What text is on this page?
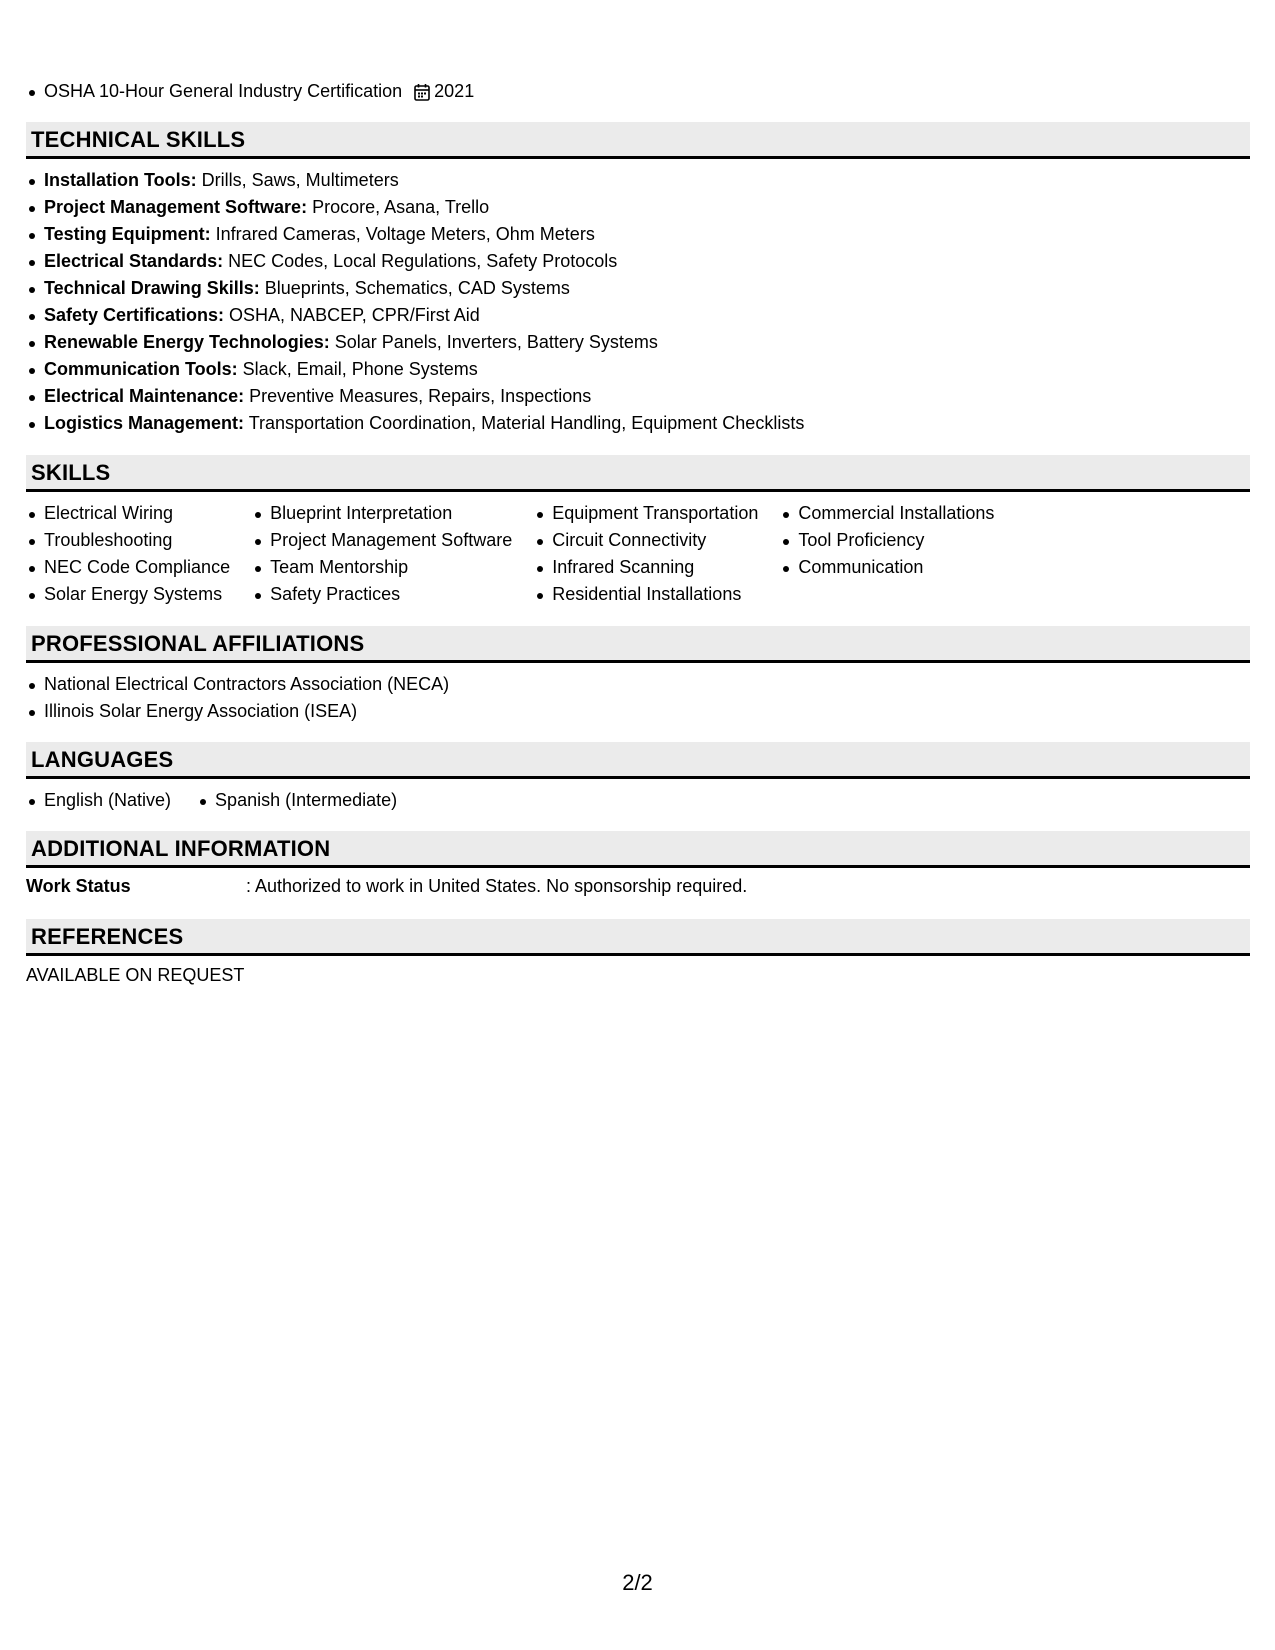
OSHA 10-Hour General Industry Certification 2021
TECHNICAL SKILLS
Installation Tools: Drills, Saws, Multimeters
Project Management Software: Procore, Asana, Trello
Testing Equipment: Infrared Cameras, Voltage Meters, Ohm Meters
Electrical Standards: NEC Codes, Local Regulations, Safety Protocols
Technical Drawing Skills: Blueprints, Schematics, CAD Systems
Safety Certifications: OSHA, NABCEP, CPR/First Aid
Renewable Energy Technologies: Solar Panels, Inverters, Battery Systems
Communication Tools: Slack, Email, Phone Systems
Electrical Maintenance: Preventive Measures, Repairs, Inspections
Logistics Management: Transportation Coordination, Material Handling, Equipment Checklists
SKILLS
Electrical Wiring
Troubleshooting
NEC Code Compliance
Solar Energy Systems
Blueprint Interpretation
Project Management Software
Team Mentorship
Safety Practices
Equipment Transportation
Circuit Connectivity
Infrared Scanning
Residential Installations
Commercial Installations
Tool Proficiency
Communication
PROFESSIONAL AFFILIATIONS
National Electrical Contractors Association (NECA)
Illinois Solar Energy Association (ISEA)
LANGUAGES
English (Native)	Spanish (Intermediate)
ADDITIONAL INFORMATION
Work Status	: Authorized to work in United States. No sponsorship required.
REFERENCES
AVAILABLE ON REQUEST
2/2
